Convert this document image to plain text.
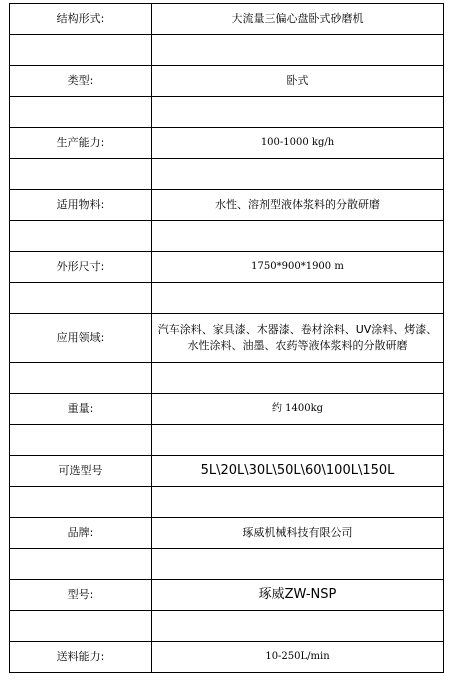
结构形式:	大流量三偏心盘卧式砂磨机

类型:	卧式

生产能力:	100-1000 kg/h

适用物料:	水性、溶剂型液体浆料的分散研磨

外形尺寸:	1750*900*1900 m

应用领域:	汽车涂料、家具漆、木器漆、卷材涂料、UV涂料、烤漆、水性涂料、油墨、农药等液体浆料的分散研磨

重量:	约 1400kg

可选型号	5L\20L\30L\50L\60\100L\150L

品牌:	琢威机械科技有限公司

型号:	琢威ZW-NSP

送料能力:	10-250L/min
